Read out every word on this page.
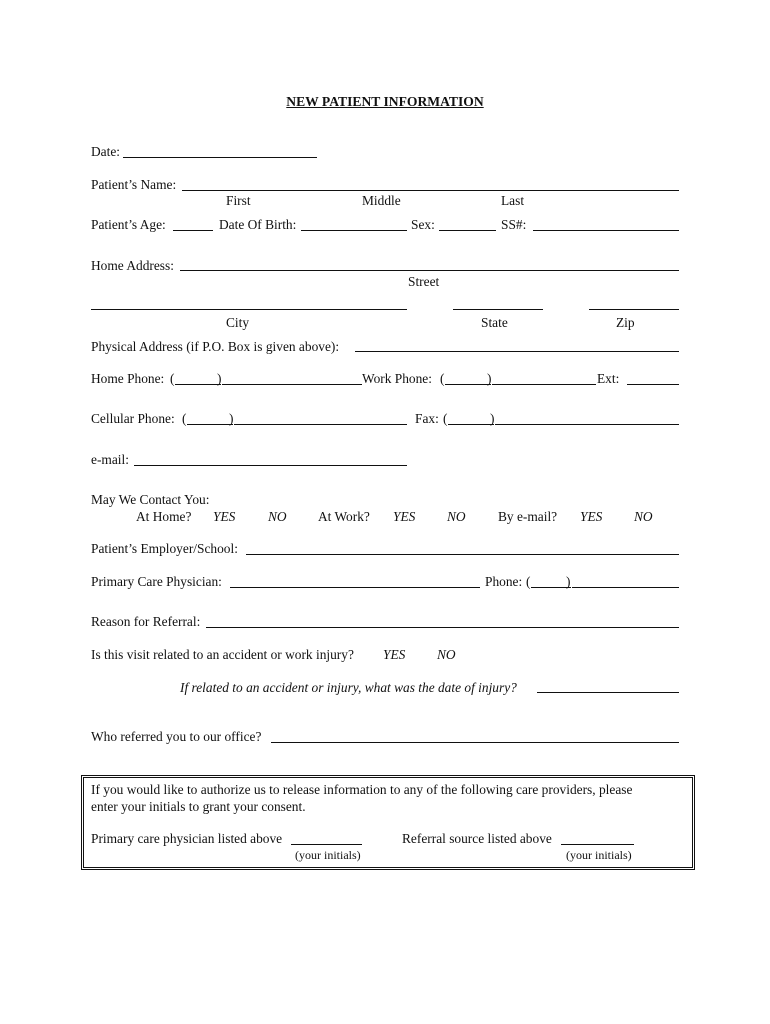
NEW PATIENT INFORMATION
Date:
Patient’s Name:
First	Middle	Last
Patient’s Age:	Date Of Birth:	Sex:	SS#:
Home Address:
Street
City	State	Zip
Physical Address (if P.O. Box is given above):
Home Phone: (	)	Work Phone: (	)	Ext:
Cellular Phone: (	)	Fax: (	)
e-mail:
May We Contact You:
At Home? YES NO At Work? YES NO By e-mail? YES NO
Patient’s Employer/School:
Primary Care Physician:	Phone: (	)
Reason for Referral:
Is this visit related to an accident or work injury? YES NO
If related to an accident or injury, what was the date of injury?
Who referred you to our office?
If you would like to authorize us to release information to any of the following care providers, please
enter your initials to grant your consent.
Primary care physician listed above
(your initials)
Referral source listed above
(your initials)
